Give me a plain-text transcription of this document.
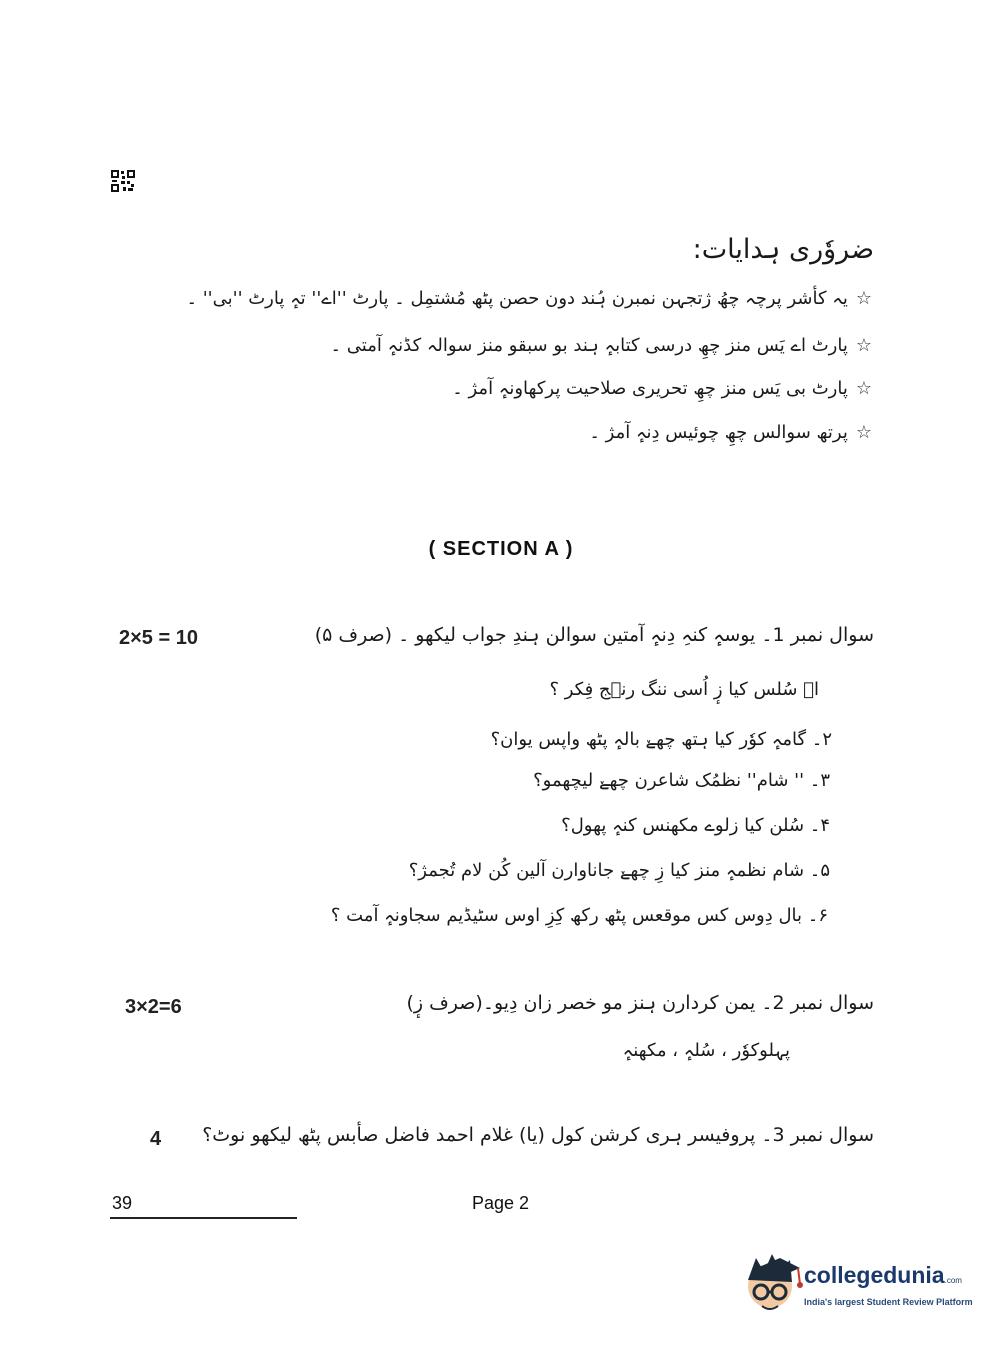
ضروٗری ہدایات:
☆یہ کأشر پرچہ چھُ ژتجہن نمبرن ہُند دون حصن پٹھ مُشتمِل ۔ پارٹ ''اے'' تہٕ پارٹ ''بی'' ۔
☆پارٹ اے یَس منز چھِ درسی کتابہٕ ہند بو سبقو منز سوالہ کڈنہٕ آمتی ۔
☆پارٹ بی یَس منز چھِ تحریری صلاحیت پرکھاونہٕ آمژ ۔
☆پرتھ سوالس چھِ چوئیس دِنہٕ آمژ ۔
( SECTION A )
2×5 = 10	سوال نمبر 1۔ یوسہٕ کنہِ دِنہٕ آمتین سوالن ہندِ جواب لیکھو ۔ (صرف ۵)
ا۔ سُلس کیا زٕ اُسی ننگ رنٛج فِکر ؟
۲۔ گامہٕ کوٗر کیا ہتھ چھےٚ بالہٕ پٹھ واپس یوان؟
۳۔ '' شام'' نظمُک شاعرن چھےٚ لیچھمو؟
۴۔ سُلن کیا زلوے مکھنس کنہٕ پھول؟
۵۔ شام نظمہٕ منز کیا زِ چھےٚ جاناوارن آلین کُن لام تُجمژ؟
۶۔ بال دِوس کس موقعس پٹھ رکھ کِزِ اوس سٹیڈیم سجاونہٕ آمت ؟
3×2=6	سوال نمبر 2۔ یمن کردارن ہنز مو خصر زان دِیو۔(صرف زٕ)
پہلوکوٗر ، سُلہٕ ، مکھنہٕ
4 سوال نمبر 3۔ پروفیسر ہری کرشن کول (یا) غلام احمد فاضل صأبس پٹھ لیکھو نوٹ؟
39	Page 2
collegedunia.com
India's largest Student Review Platform
